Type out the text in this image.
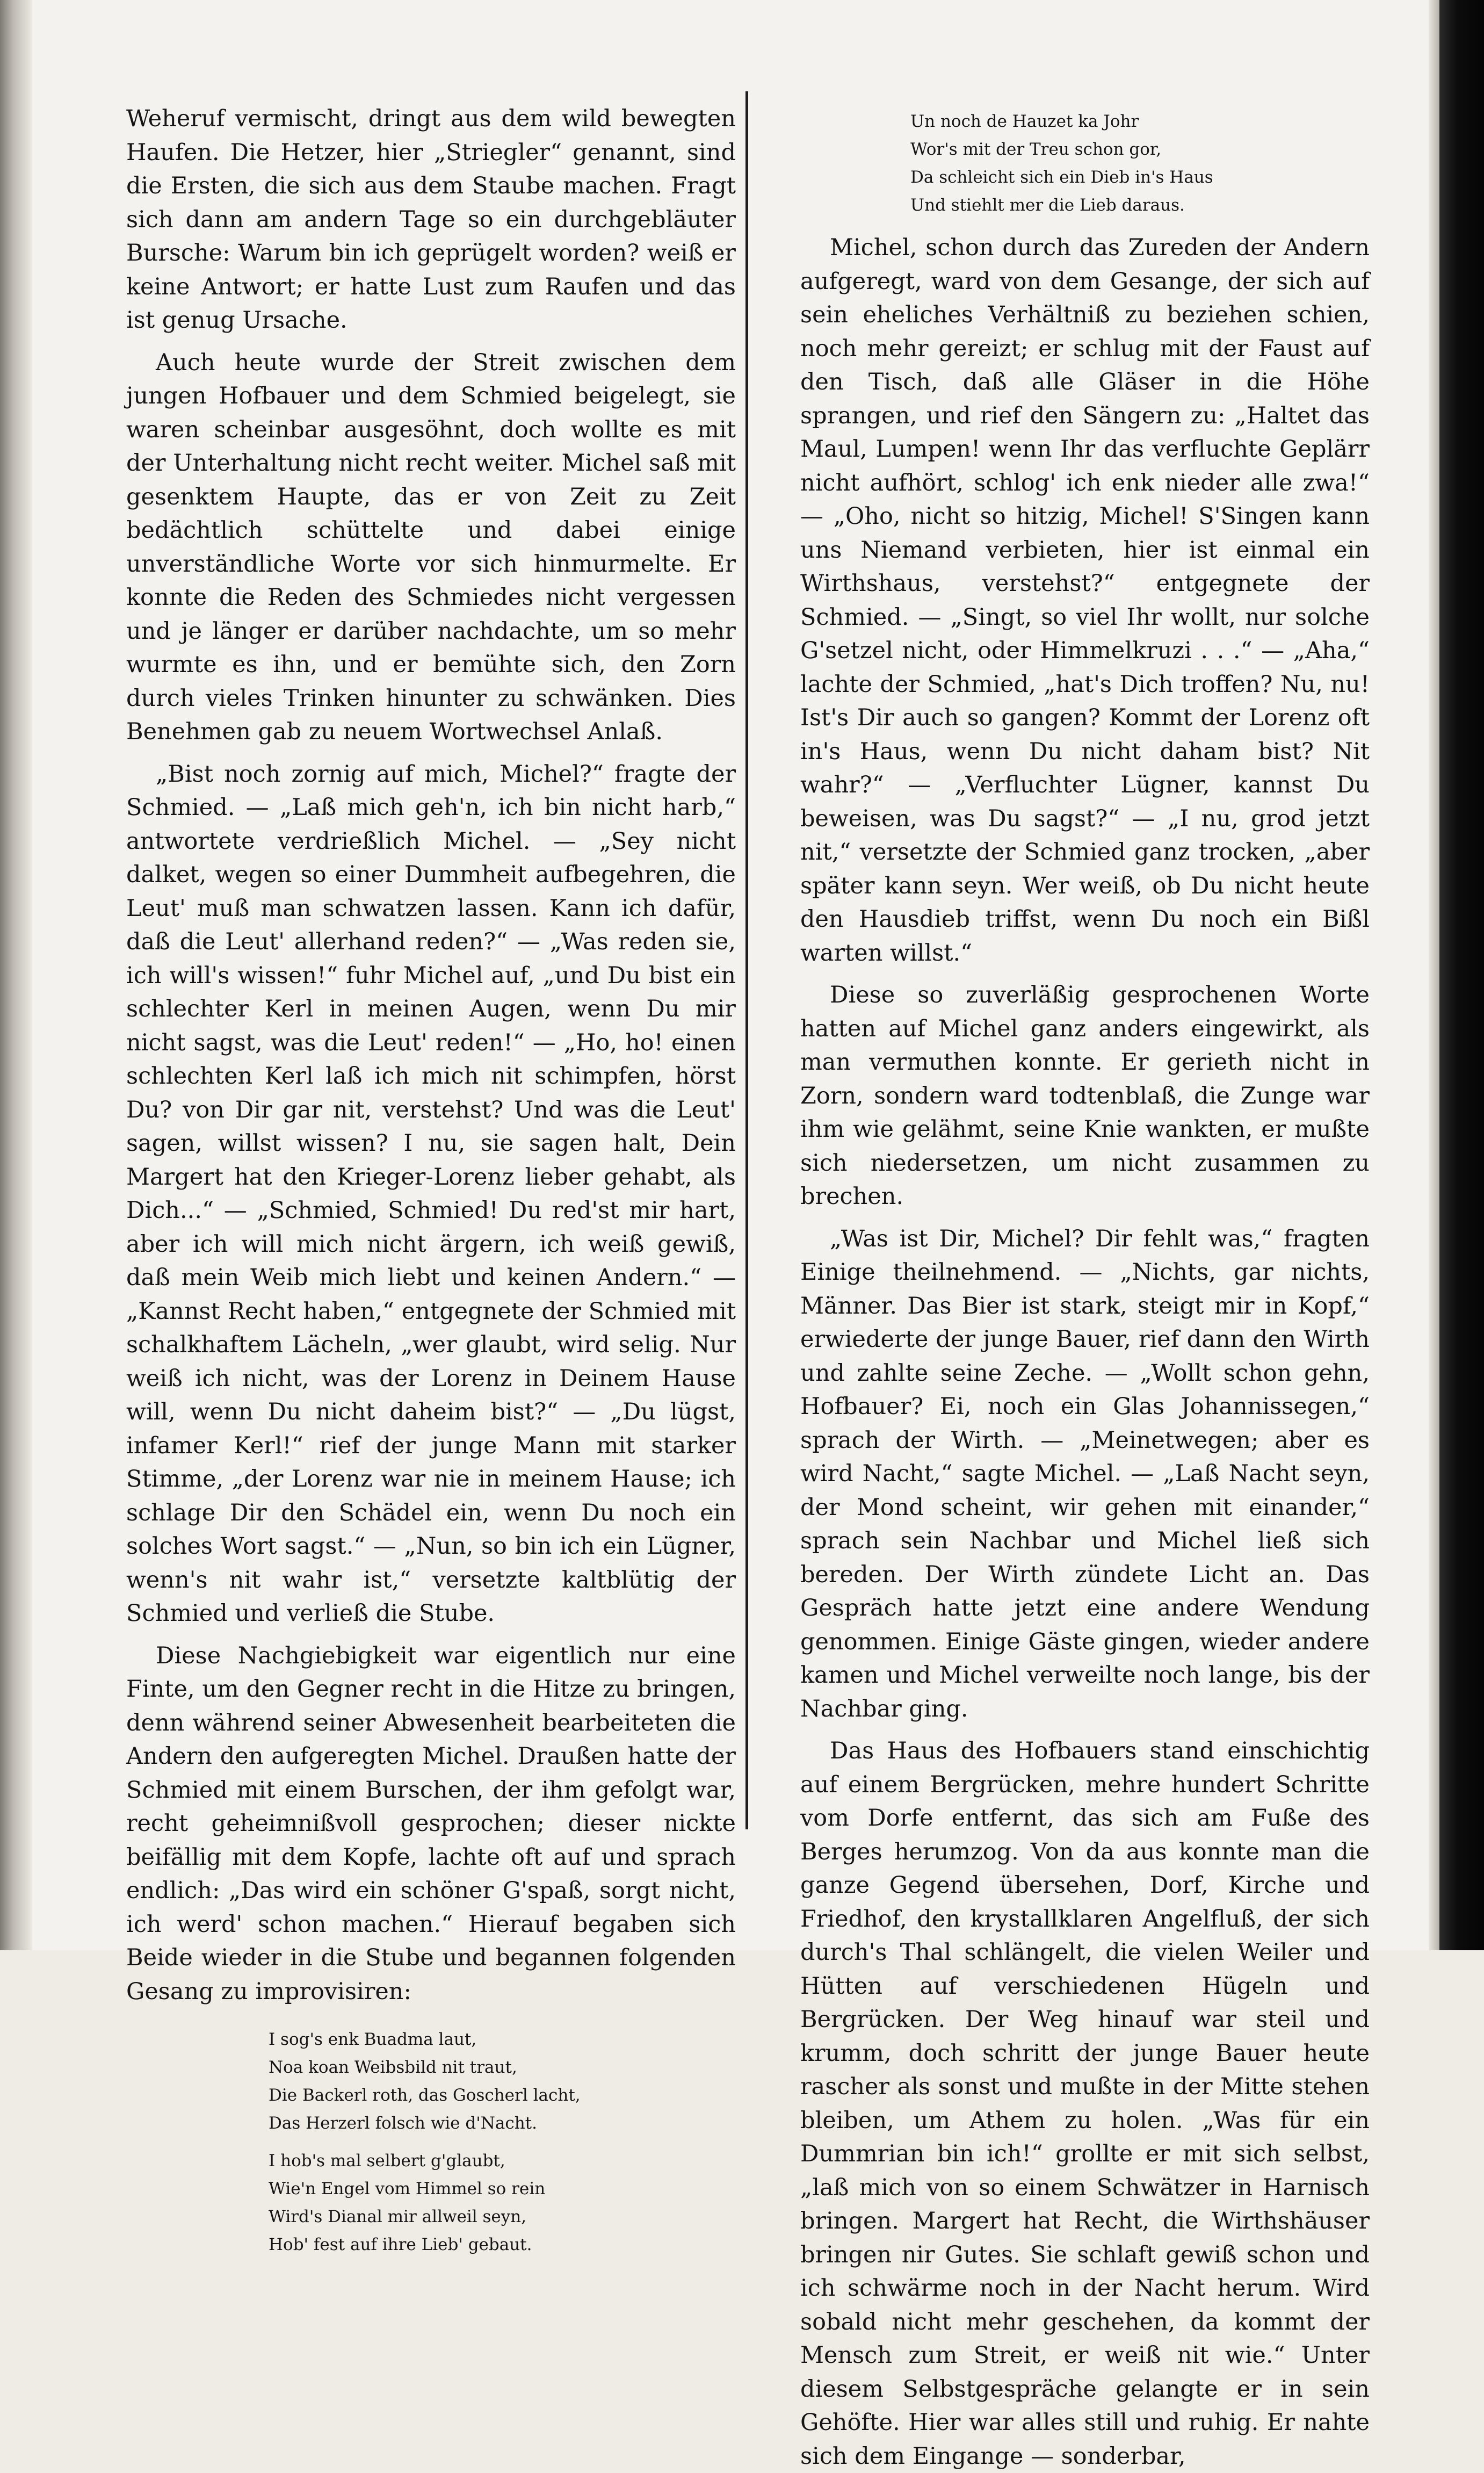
Weheruf vermischt, dringt aus dem wild bewegten Haufen. Die Hetzer, hier „Striegler“ genannt, sind die Ersten, die sich aus dem Staube machen. Fragt sich dann am andern Tage so ein durchgebläuter Bursche: Warum bin ich geprügelt worden? weiß er keine Antwort; er hatte Lust zum Raufen und das ist genug Ursache.

Auch heute wurde der Streit zwischen dem jungen Hofbauer und dem Schmied beigelegt, sie waren scheinbar ausgesöhnt, doch wollte es mit der Unterhaltung nicht recht weiter. Michel saß mit gesenktem Haupte, das er von Zeit zu Zeit bedächtlich schüttelte und dabei einige unverständliche Worte vor sich hinmurmelte. Er konnte die Reden des Schmiedes nicht vergessen und je länger er darüber nachdachte, um so mehr wurmte es ihn, und er bemühte sich, den Zorn durch vieles Trinken hinunter zu schwänken. Dies Benehmen gab zu neuem Wortwechsel Anlaß.

„Bist noch zornig auf mich, Michel?“ fragte der Schmied. — „Laß mich geh'n, ich bin nicht harb,“ antwortete verdrießlich Michel. — „Sey nicht dalket, wegen so einer Dummheit aufbegehren, die Leut' muß man schwatzen lassen. Kann ich dafür, daß die Leut' allerhand reden?“ — „Was reden sie, ich will's wissen!“ fuhr Michel auf, „und Du bist ein schlechter Kerl in meinen Augen, wenn Du mir nicht sagst, was die Leut' reden!“ — „Ho, ho! einen schlechten Kerl laß ich mich nit schimpfen, hörst Du? von Dir gar nit, verstehst? Und was die Leut' sagen, willst wissen? I nu, sie sagen halt, Dein Margert hat den Krieger-Lorenz lieber gehabt, als Dich...“ — „Schmied, Schmied! Du red'st mir hart, aber ich will mich nicht ärgern, ich weiß gewiß, daß mein Weib mich liebt und keinen Andern.“ — „Kannst Recht haben,“ entgegnete der Schmied mit schalkhaftem Lächeln, „wer glaubt, wird selig. Nur weiß ich nicht, was der Lorenz in Deinem Hause will, wenn Du nicht daheim bist?“ — „Du lügst, infamer Kerl!“ rief der junge Mann mit starker Stimme, „der Lorenz war nie in meinem Hause; ich schlage Dir den Schädel ein, wenn Du noch ein solches Wort sagst.“ — „Nun, so bin ich ein Lügner, wenn's nit wahr ist,“ versetzte kaltblütig der Schmied und verließ die Stube.

Diese Nachgiebigkeit war eigentlich nur eine Finte, um den Gegner recht in die Hitze zu bringen, denn während seiner Abwesenheit bearbeiteten die Andern den aufgeregten Michel. Draußen hatte der Schmied mit einem Burschen, der ihm gefolgt war, recht geheimnißvoll gesprochen; dieser nickte beifällig mit dem Kopfe, lachte oft auf und sprach endlich: „Das wird ein schöner G'spaß, sorgt nicht, ich werd' schon machen.“ Hierauf begaben sich Beide wieder in die Stube und begannen folgenden Gesang zu improvisiren:

I sog's enk Buadma laut,
Noa koan Weibsbild nit traut,
Die Backerl roth, das Goscherl lacht,
Das Herzerl folsch wie d'Nacht.
I hob's mal selbert g'glaubt,
Wie'n Engel vom Himmel so rein
Wird's Dianal mir allweil seyn,
Hob' fest auf ihre Lieb' gebaut.
Un noch de Hauzet ka Johr
Wor's mit der Treu schon gor,
Da schleicht sich ein Dieb in's Haus
Und stiehlt mer die Lieb daraus.

Michel, schon durch das Zureden der Andern aufgeregt, ward von dem Gesange, der sich auf sein eheliches Verhältniß zu beziehen schien, noch mehr gereizt; er schlug mit der Faust auf den Tisch, daß alle Gläser in die Höhe sprangen, und rief den Sängern zu: „Haltet das Maul, Lumpen! wenn Ihr das verfluchte Geplärr nicht aufhört, schlog' ich enk nieder alle zwa!“ — „Oho, nicht so hitzig, Michel! S'Singen kann uns Niemand verbieten, hier ist einmal ein Wirthshaus, verstehst?“ entgegnete der Schmied. — „Singt, so viel Ihr wollt, nur solche G'setzel nicht, oder Himmelkruzi . . .“ — „Aha,“ lachte der Schmied, „hat's Dich troffen? Nu, nu! Ist's Dir auch so gangen? Kommt der Lorenz oft in's Haus, wenn Du nicht daham bist? Nit wahr?“ — „Verfluchter Lügner, kannst Du beweisen, was Du sagst?“ — „I nu, grod jetzt nit,“ versetzte der Schmied ganz trocken, „aber später kann seyn. Wer weiß, ob Du nicht heute den Hausdieb triffst, wenn Du noch ein Bißl warten willst.“

Diese so zuverläßig gesprochenen Worte hatten auf Michel ganz anders eingewirkt, als man vermuthen konnte. Er gerieth nicht in Zorn, sondern ward todtenblaß, die Zunge war ihm wie gelähmt, seine Knie wankten, er mußte sich niedersetzen, um nicht zusammen zu brechen.

„Was ist Dir, Michel? Dir fehlt was,“ fragten Einige theilnehmend. — „Nichts, gar nichts, Männer. Das Bier ist stark, steigt mir in Kopf,“ erwiederte der junge Bauer, rief dann den Wirth und zahlte seine Zeche. — „Wollt schon gehn, Hofbauer? Ei, noch ein Glas Johannissegen,“ sprach der Wirth. — „Meinetwegen; aber es wird Nacht,“ sagte Michel. — „Laß Nacht seyn, der Mond scheint, wir gehen mit einander,“ sprach sein Nachbar und Michel ließ sich bereden. Der Wirth zündete Licht an. Das Gespräch hatte jetzt eine andere Wendung genommen. Einige Gäste gingen, wieder andere kamen und Michel verweilte noch lange, bis der Nachbar ging.

Das Haus des Hofbauers stand einschichtig auf einem Bergrücken, mehre hundert Schritte vom Dorfe entfernt, das sich am Fuße des Berges herumzog. Von da aus konnte man die ganze Gegend übersehen, Dorf, Kirche und Friedhof, den krystallklaren Angelfluß, der sich durch's Thal schlängelt, die vielen Weiler und Hütten auf verschiedenen Hügeln und Bergrücken. Der Weg hinauf war steil und krumm, doch schritt der junge Bauer heute rascher als sonst und mußte in der Mitte stehen bleiben, um Athem zu holen. „Was für ein Dummrian bin ich!“ grollte er mit sich selbst, „laß mich von so einem Schwätzer in Harnisch bringen. Margert hat Recht, die Wirthshäuser bringen nir Gutes. Sie schlaft gewiß schon und ich schwärme noch in der Nacht herum. Wird sobald nicht mehr geschehen, da kommt der Mensch zum Streit, er weiß nit wie.“ Unter diesem Selbstgespräche gelangte er in sein Gehöfte. Hier war alles still und ruhig. Er nahte sich dem Eingange — sonderbar,
